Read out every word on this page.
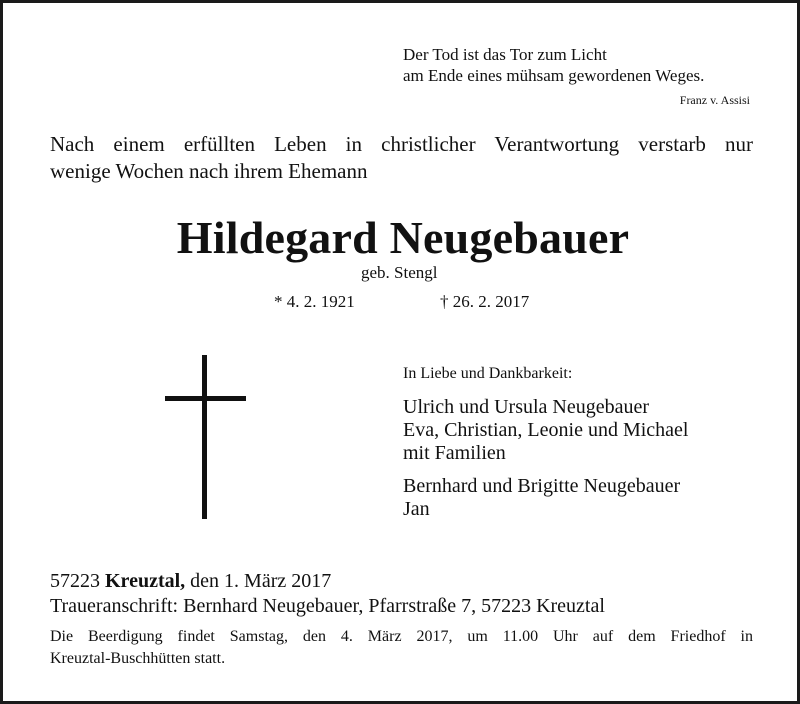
Der Tod ist das Tor zum Licht
am Ende eines mühsam gewordenen Weges.
Franz v. Assisi
Nach einem erfüllten Leben in christlicher Verantwortung verstarb nur
wenige Wochen nach ihrem Ehemann
Hildegard Neugebauer
geb. Stengl
* 4. 2. 1921	† 26. 2. 2017
In Liebe und Dankbarkeit:
Ulrich und Ursula Neugebauer
Eva, Christian, Leonie und Michael
mit Familien
Bernhard und Brigitte Neugebauer
Jan
57223 Kreuztal, den 1. März 2017
Traueranschrift: Bernhard Neugebauer, Pfarrstraße 7, 57223 Kreuztal
Die Beerdigung findet Samstag, den 4. März 2017, um 11.00 Uhr auf dem Friedhof in
Kreuztal-Buschhütten statt.
